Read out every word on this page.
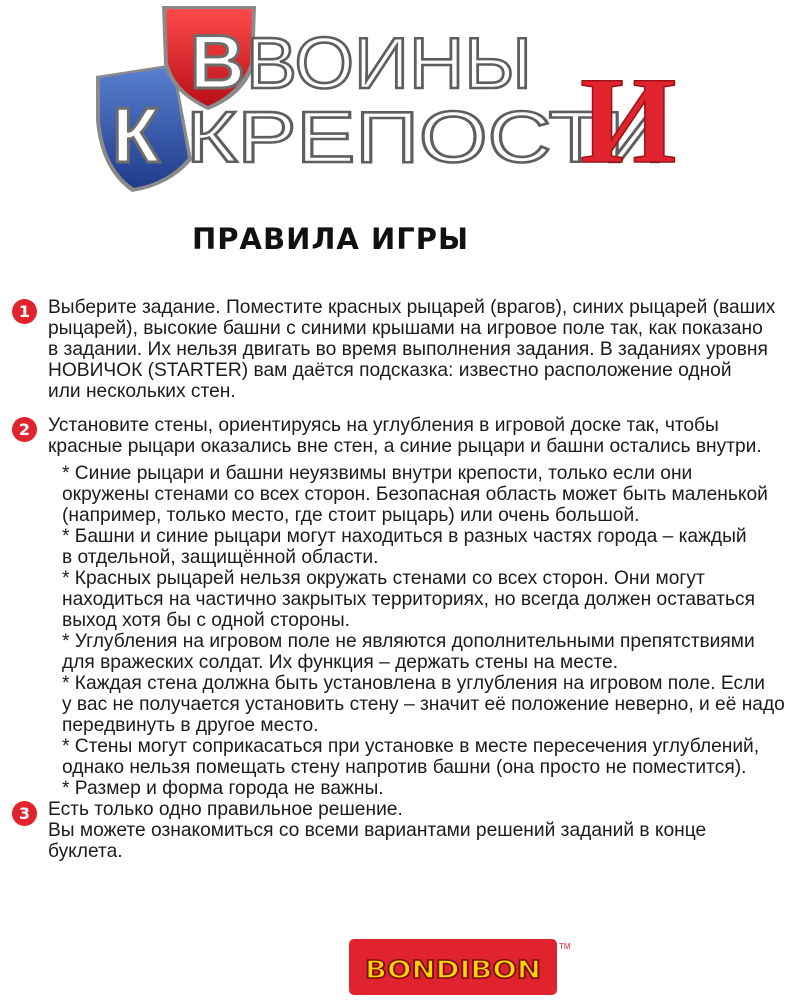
В
К
ВОИНЫ
КРЕПОСТИ
И
ПРАВИЛА ИГРЫ
1 Выберите задание. Поместите красных рыцарей (врагов), синих рыцарей (ваших
рыцарей), высокие башни с синими крышами на игровое поле так, как показано
в задании. Их нельзя двигать во время выполнения задания. В заданиях уровня
НОВИЧОК (STARTER) вам даётся подсказка: известно расположение одной
или нескольких стен.

2 Установите стены, ориентируясь на углубления в игровой доске так, чтобы
красные рыцари оказались вне стен, а синие рыцари и башни остались внутри.

* Синие рыцари и башни неуязвимы внутри крепости, только если они
окружены стенами со всех сторон. Безопасная область может быть маленькой
(например, только место, где стоит рыцарь) или очень большой.

* Башни и синие рыцари могут находиться в разных частях города – каждый
в отдельной, защищённой области.

* Красных рыцарей нельзя окружать стенами со всех сторон. Они могут
находиться на частично закрытых территориях, но всегда должен оставаться
выход хотя бы с одной стороны.

* Углубления на игровом поле не являются дополнительными препятствиями
для вражеских солдат. Их функция – держать стены на месте.

* Каждая стена должна быть установлена в углубления на игровом поле. Если
у вас не получается установить стену – значит её положение неверно, и её надо
передвинуть в другое место.

* Стены могут соприкасаться при установке в месте пересечения углублений,
однако нельзя помещать стену напротив башни (она просто не поместится).

* Размер и форма города не важны.

3 Есть только одно правильное решение.
Вы можете ознакомиться со всеми вариантами решений заданий в конце
буклета.

BONDIBON
TM
